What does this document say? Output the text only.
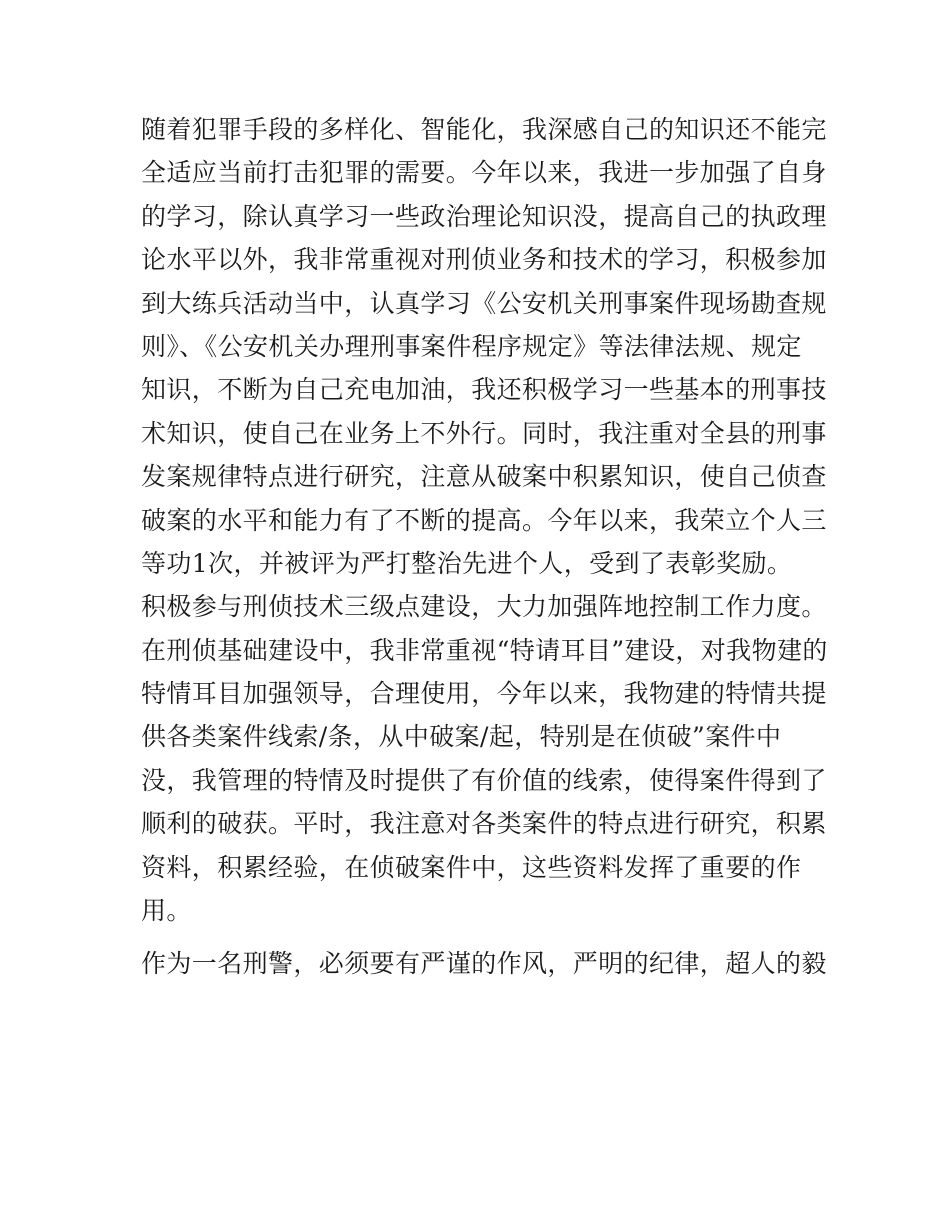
随着犯罪手段的多样化、智能化，我深感自己的知识还不能完
全适应当前打击犯罪的需要。今年以来，我进一步加强了自身
的学习，除认真学习一些政治理论知识没，提高自己的执政理
论水平以外，我非常重视对刑侦业务和技术的学习，积极参加
到大练兵活动当中，认真学习《公安机关刑事案件现场勘查规
则》、《公安机关办理刑事案件程序规定》等法律法规、规定
知识，不断为自己充电加油，我还积极学习一些基本的刑事技
术知识，使自己在业务上不外行。同时，我注重对全县的刑事
发案规律特点进行研究，注意从破案中积累知识，使自己侦查
破案的水平和能力有了不断的提高。今年以来，我荣立个人三
等功1次，并被评为严打整治先进个人，受到了表彰奖励。
积极参与刑侦技术三级点建设，大力加强阵地控制工作力度。
在刑侦基础建设中，我非常重视“特请耳目”建设，对我物建的
特情耳目加强领导，合理使用，今年以来，我物建的特情共提
供各类案件线索/条，从中破案/起，特别是在侦破”案件中
没，我管理的特情及时提供了有价值的线索，使得案件得到了
顺利的破获。平时，我注意对各类案件的特点进行研究，积累
资料，积累经验，在侦破案件中，这些资料发挥了重要的作
用。
作为一名刑警，必须要有严谨的作风，严明的纪律，超人的毅
